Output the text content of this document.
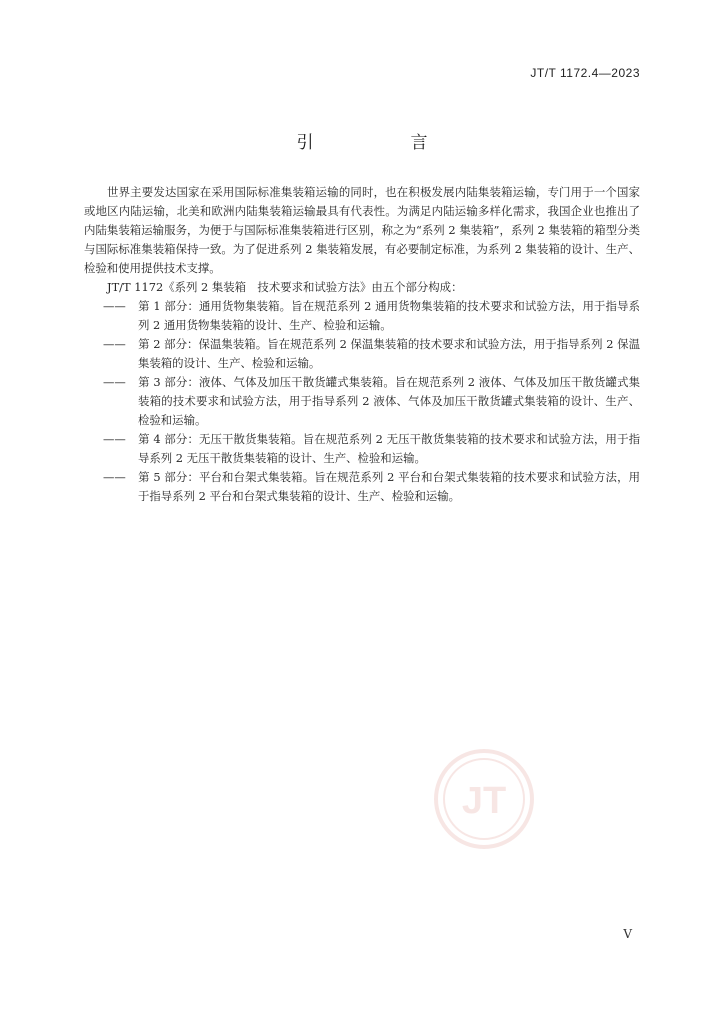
JT/T 1172.4—2023
引　言

世界主要发达国家在采用国际标准集装箱运输的同时，也在积极发展内陆集装箱运输，专门用于一个国家或地区内陆运输，北美和欧洲内陆集装箱运输最具有代表性。为满足内陆运输多样化需求，我国企业也推出了内陆集装箱运输服务，为便于与国际标准集装箱进行区别，称之为“系列 2 集装箱”，系列 2 集装箱的箱型分类与国际标准集装箱保持一致。为了促进系列 2 集装箱发展，有必要制定标准，为系列 2 集装箱的设计、生产、检验和使用提供技术支撑。

JT/T 1172《系列 2 集装箱　技术要求和试验方法》由五个部分构成：

—— 第 1 部分：通用货物集装箱。旨在规范系列 2 通用货物集装箱的技术要求和试验方法，用于指导系列 2 通用货物集装箱的设计、生产、检验和运输。

—— 第 2 部分：保温集装箱。旨在规范系列 2 保温集装箱的技术要求和试验方法，用于指导系列 2 保温集装箱的设计、生产、检验和运输。

—— 第 3 部分：液体、气体及加压干散货罐式集装箱。旨在规范系列 2 液体、气体及加压干散货罐式集装箱的技术要求和试验方法，用于指导系列 2 液体、气体及加压干散货罐式集装箱的设计、生产、检验和运输。

—— 第 4 部分：无压干散货集装箱。旨在规范系列 2 无压干散货集装箱的技术要求和试验方法，用于指导系列 2 无压干散货集装箱的设计、生产、检验和运输。

—— 第 5 部分：平台和台架式集装箱。旨在规范系列 2 平台和台架式集装箱的技术要求和试验方法，用于指导系列 2 平台和台架式集装箱的设计、生产、检验和运输。

JT
V
